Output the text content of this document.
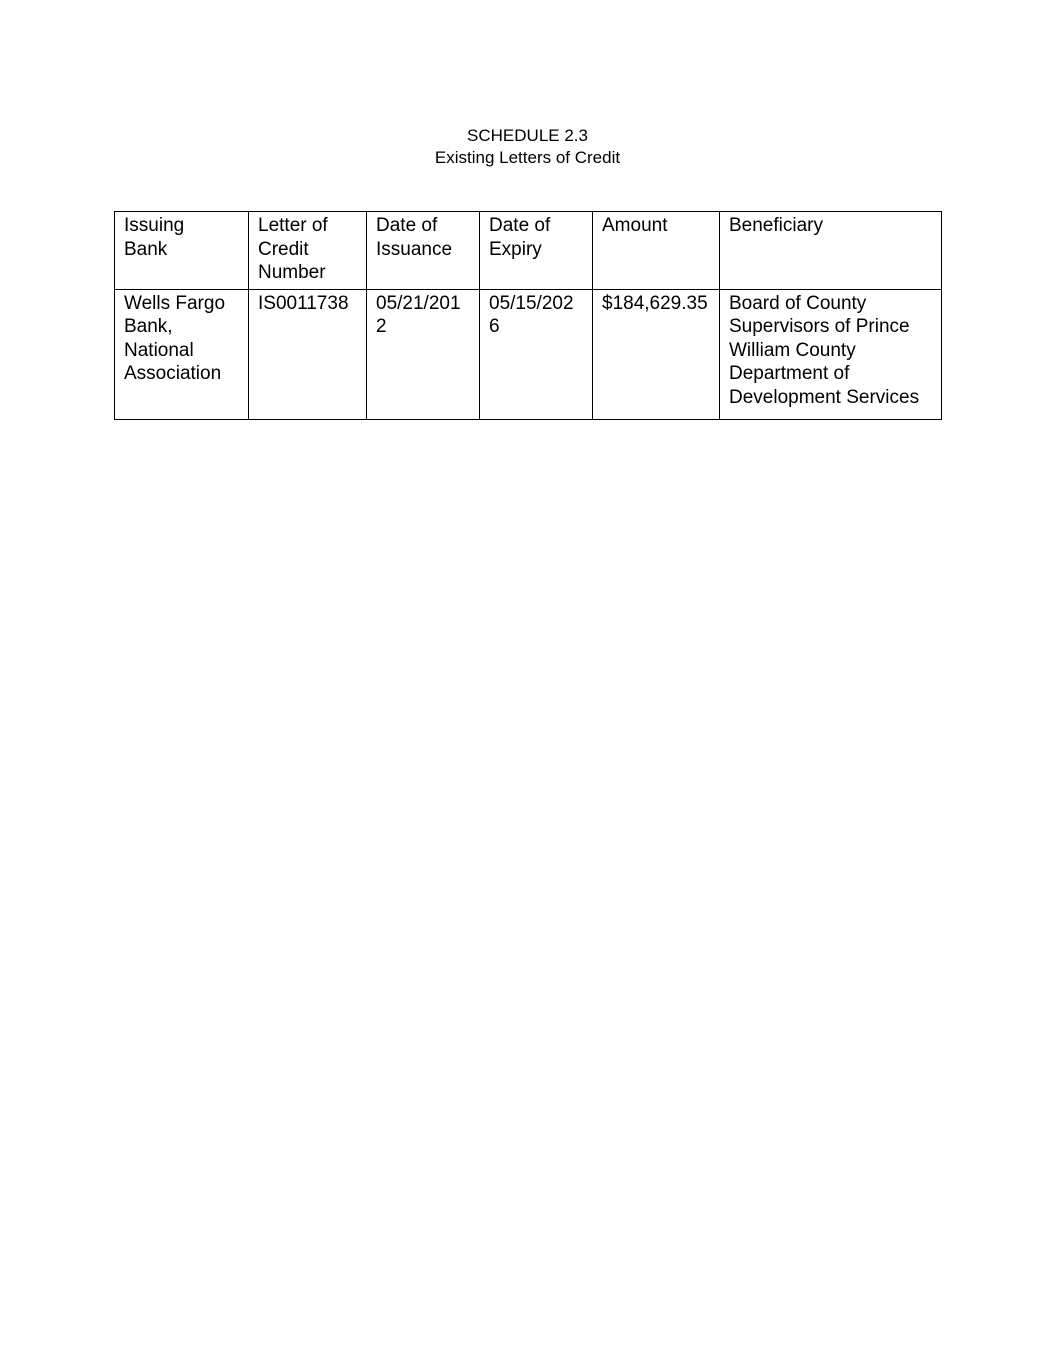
SCHEDULE 2.3
Existing Letters of Credit
Issuing
Bank	Letter of
Credit
Number	Date of
Issuance	Date of
Expiry	Amount	Beneficiary
Wells Fargo
Bank,
National
Association	IS0011738	05/21/2012	05/15/2026	$184,629.35	Board of County
Supervisors of Prince
William County
Department of
Development Services
